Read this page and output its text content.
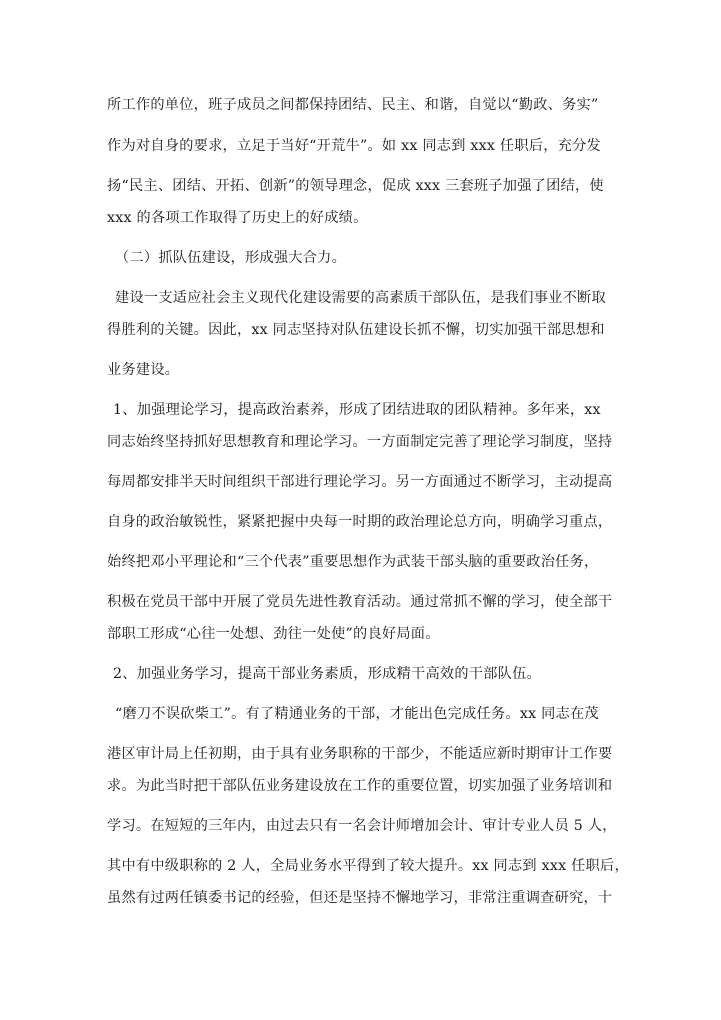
所工作的单位，班子成员之间都保持团结、民主、和谐，自觉以“勤政、务实”
作为对自身的要求，立足于当好“开荒牛”。如 xx 同志到 xxx 任职后，充分发
扬“民主、团结、开拓、创新”的领导理念，促成 xxx 三套班子加强了团结，使
xxx 的各项工作取得了历史上的好成绩。
（二）抓队伍建设，形成强大合力。
建设一支适应社会主义现代化建设需要的高素质干部队伍，是我们事业不断取
得胜利的关键。因此，xx 同志坚持对队伍建设长抓不懈，切实加强干部思想和
业务建设。
1、加强理论学习，提高政治素养，形成了团结进取的团队精神。多年来，xx
同志始终坚持抓好思想教育和理论学习。一方面制定完善了理论学习制度，坚持
每周都安排半天时间组织干部进行理论学习。另一方面通过不断学习，主动提高
自身的政治敏锐性，紧紧把握中央每一时期的政治理论总方向，明确学习重点，
始终把邓小平理论和“三个代表”重要思想作为武装干部头脑的重要政治任务，
积极在党员干部中开展了党员先进性教育活动。通过常抓不懈的学习，使全部干
部职工形成“心往一处想、劲往一处使”的良好局面。
2、加强业务学习，提高干部业务素质，形成精干高效的干部队伍。
“磨刀不误砍柴工”。有了精通业务的干部，才能出色完成任务。xx 同志在茂
港区审计局上任初期，由于具有业务职称的干部少，不能适应新时期审计工作要
求。为此当时把干部队伍业务建设放在工作的重要位置，切实加强了业务培训和
学习。在短短的三年内，由过去只有一名会计师增加会计、审计专业人员 5 人，
其中有中级职称的 2 人，全局业务水平得到了较大提升。xx 同志到 xxx 任职后，
虽然有过两任镇委书记的经验，但还是坚持不懈地学习，非常注重调查研究，十
